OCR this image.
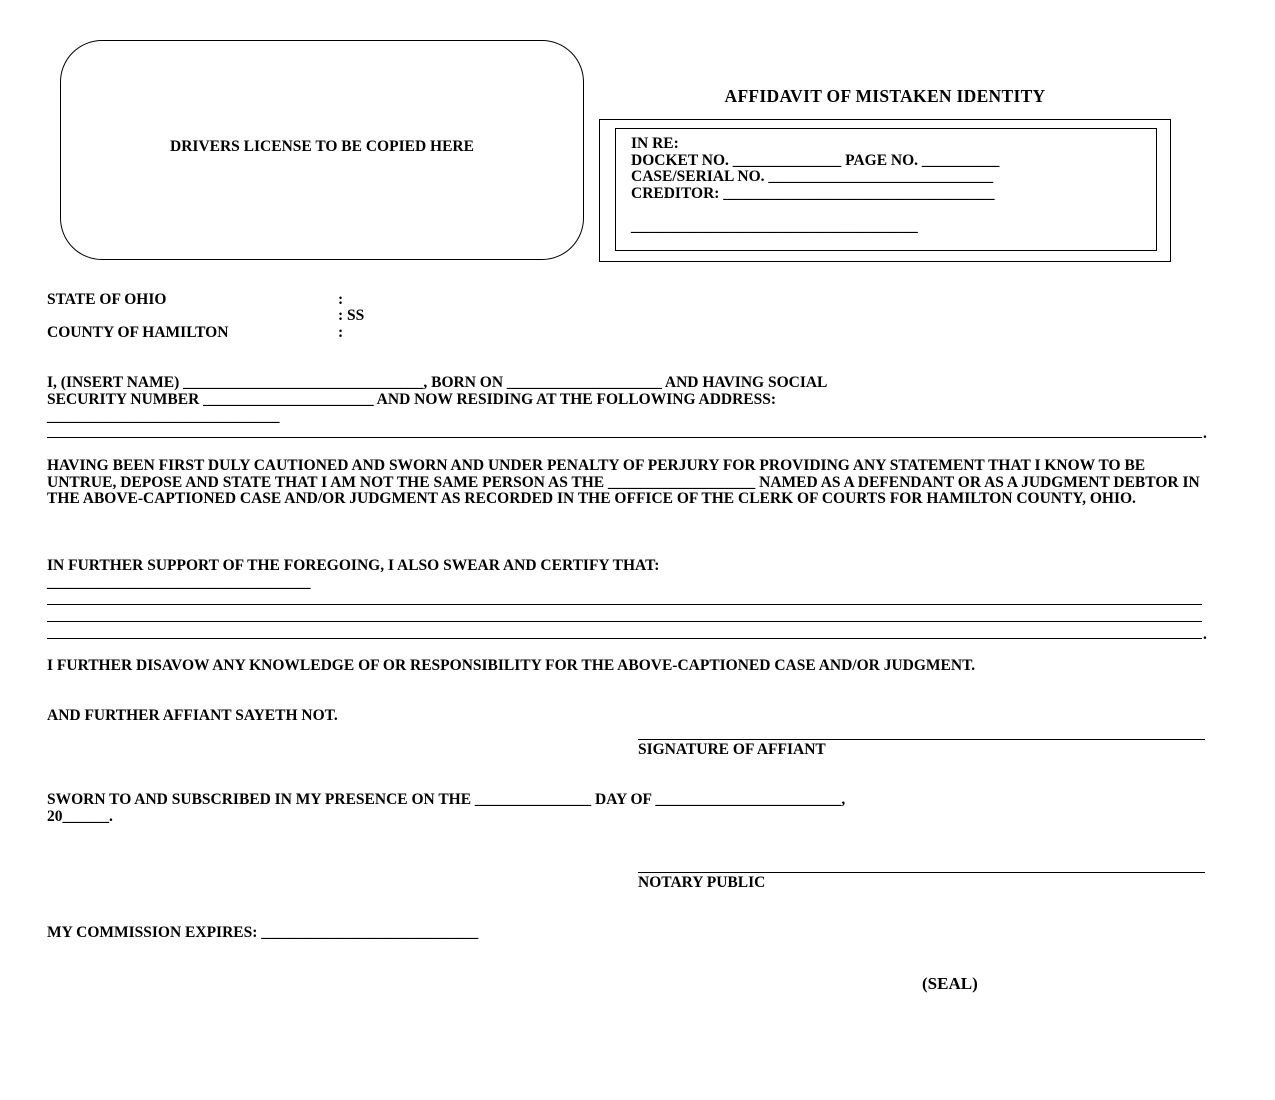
DRIVERS LICENSE TO BE COPIED HERE
AFFIDAVIT OF MISTAKEN IDENTITY
IN RE:
DOCKET NO. ______________ PAGE NO. __________
CASE/SERIAL NO. _____________________________
CREDITOR: ___________________________________
_____________________________________
STATE OF OHIO	:
: SS
COUNTY OF HAMILTON	:
I, (INSERT NAME) _______________________________, BORN ON ____________________ AND HAVING SOCIAL
SECURITY NUMBER ______________________ AND NOW RESIDING AT THE FOLLOWING ADDRESS:
______________________________
.
HAVING BEEN FIRST DULY CAUTIONED AND SWORN AND UNDER PENALTY OF PERJURY FOR PROVIDING ANY STATEMENT THAT I KNOW TO BE UNTRUE, DEPOSE AND STATE THAT I AM NOT THE SAME PERSON AS THE ___________________ NAMED AS A DEFENDANT OR AS A JUDGMENT DEBTOR IN THE ABOVE-CAPTIONED CASE AND/OR JUDGMENT AS RECORDED IN THE OFFICE OF THE CLERK OF COURTS FOR HAMILTON COUNTY, OHIO.
IN FURTHER SUPPORT OF THE FOREGOING, I ALSO SWEAR AND CERTIFY THAT:
__________________________________
.
I FURTHER DISAVOW ANY KNOWLEDGE OF OR RESPONSIBILITY FOR THE ABOVE-CAPTIONED CASE AND/OR JUDGMENT.
AND FURTHER AFFIANT SAYETH NOT.
SIGNATURE OF AFFIANT
SWORN TO AND SUBSCRIBED IN MY PRESENCE ON THE _______________ DAY OF ________________________,
20______.
NOTARY PUBLIC
MY COMMISSION EXPIRES: ____________________________
(SEAL)
